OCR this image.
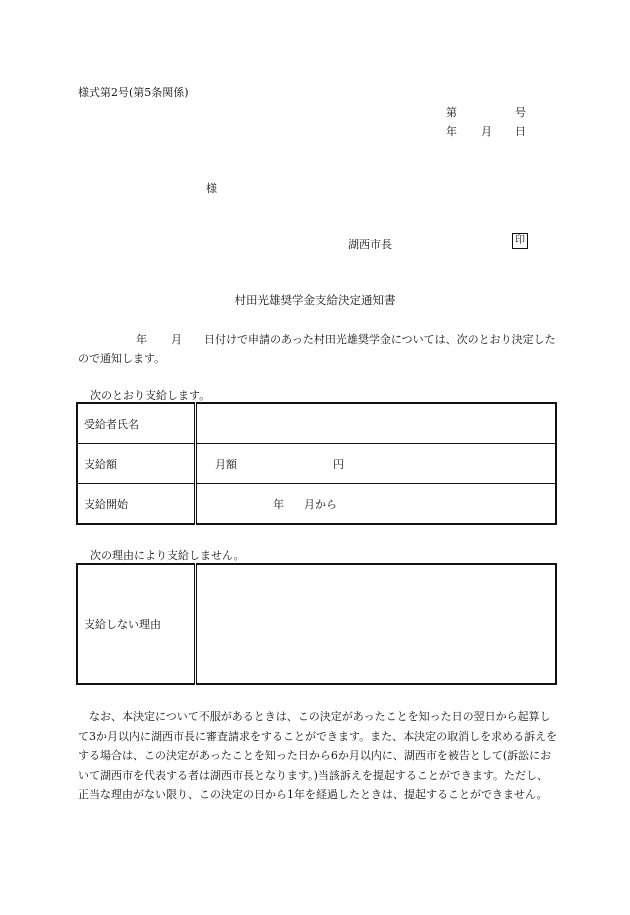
様式第2号(第5条関係)
第	号
年 月 日
様
湖西市長	印
村田光雄奨学金支給決定通知書
年 月 日付けで申請のあった村田光雄奨学金については、次のとおり決定したので通知します。
次のとおり支給します。
受給者氏名	
支給額	月額 円
支給開始	年 月から
次の理由により支給しません。
支給しない理由	
なお、本決定について不服があるときは、この決定があったことを知った日の翌日から起算して3か月以内に湖西市長に審査請求をすることができます。また、本決定の取消しを求める訴えをする場合は、この決定があったことを知った日から6か月以内に、湖西市を被告として(訴訟において湖西市を代表する者は湖西市長となります。)当該訴えを提起することができます。ただし、正当な理由がない限り、この決定の日から1年を経過したときは、提起することができません。
